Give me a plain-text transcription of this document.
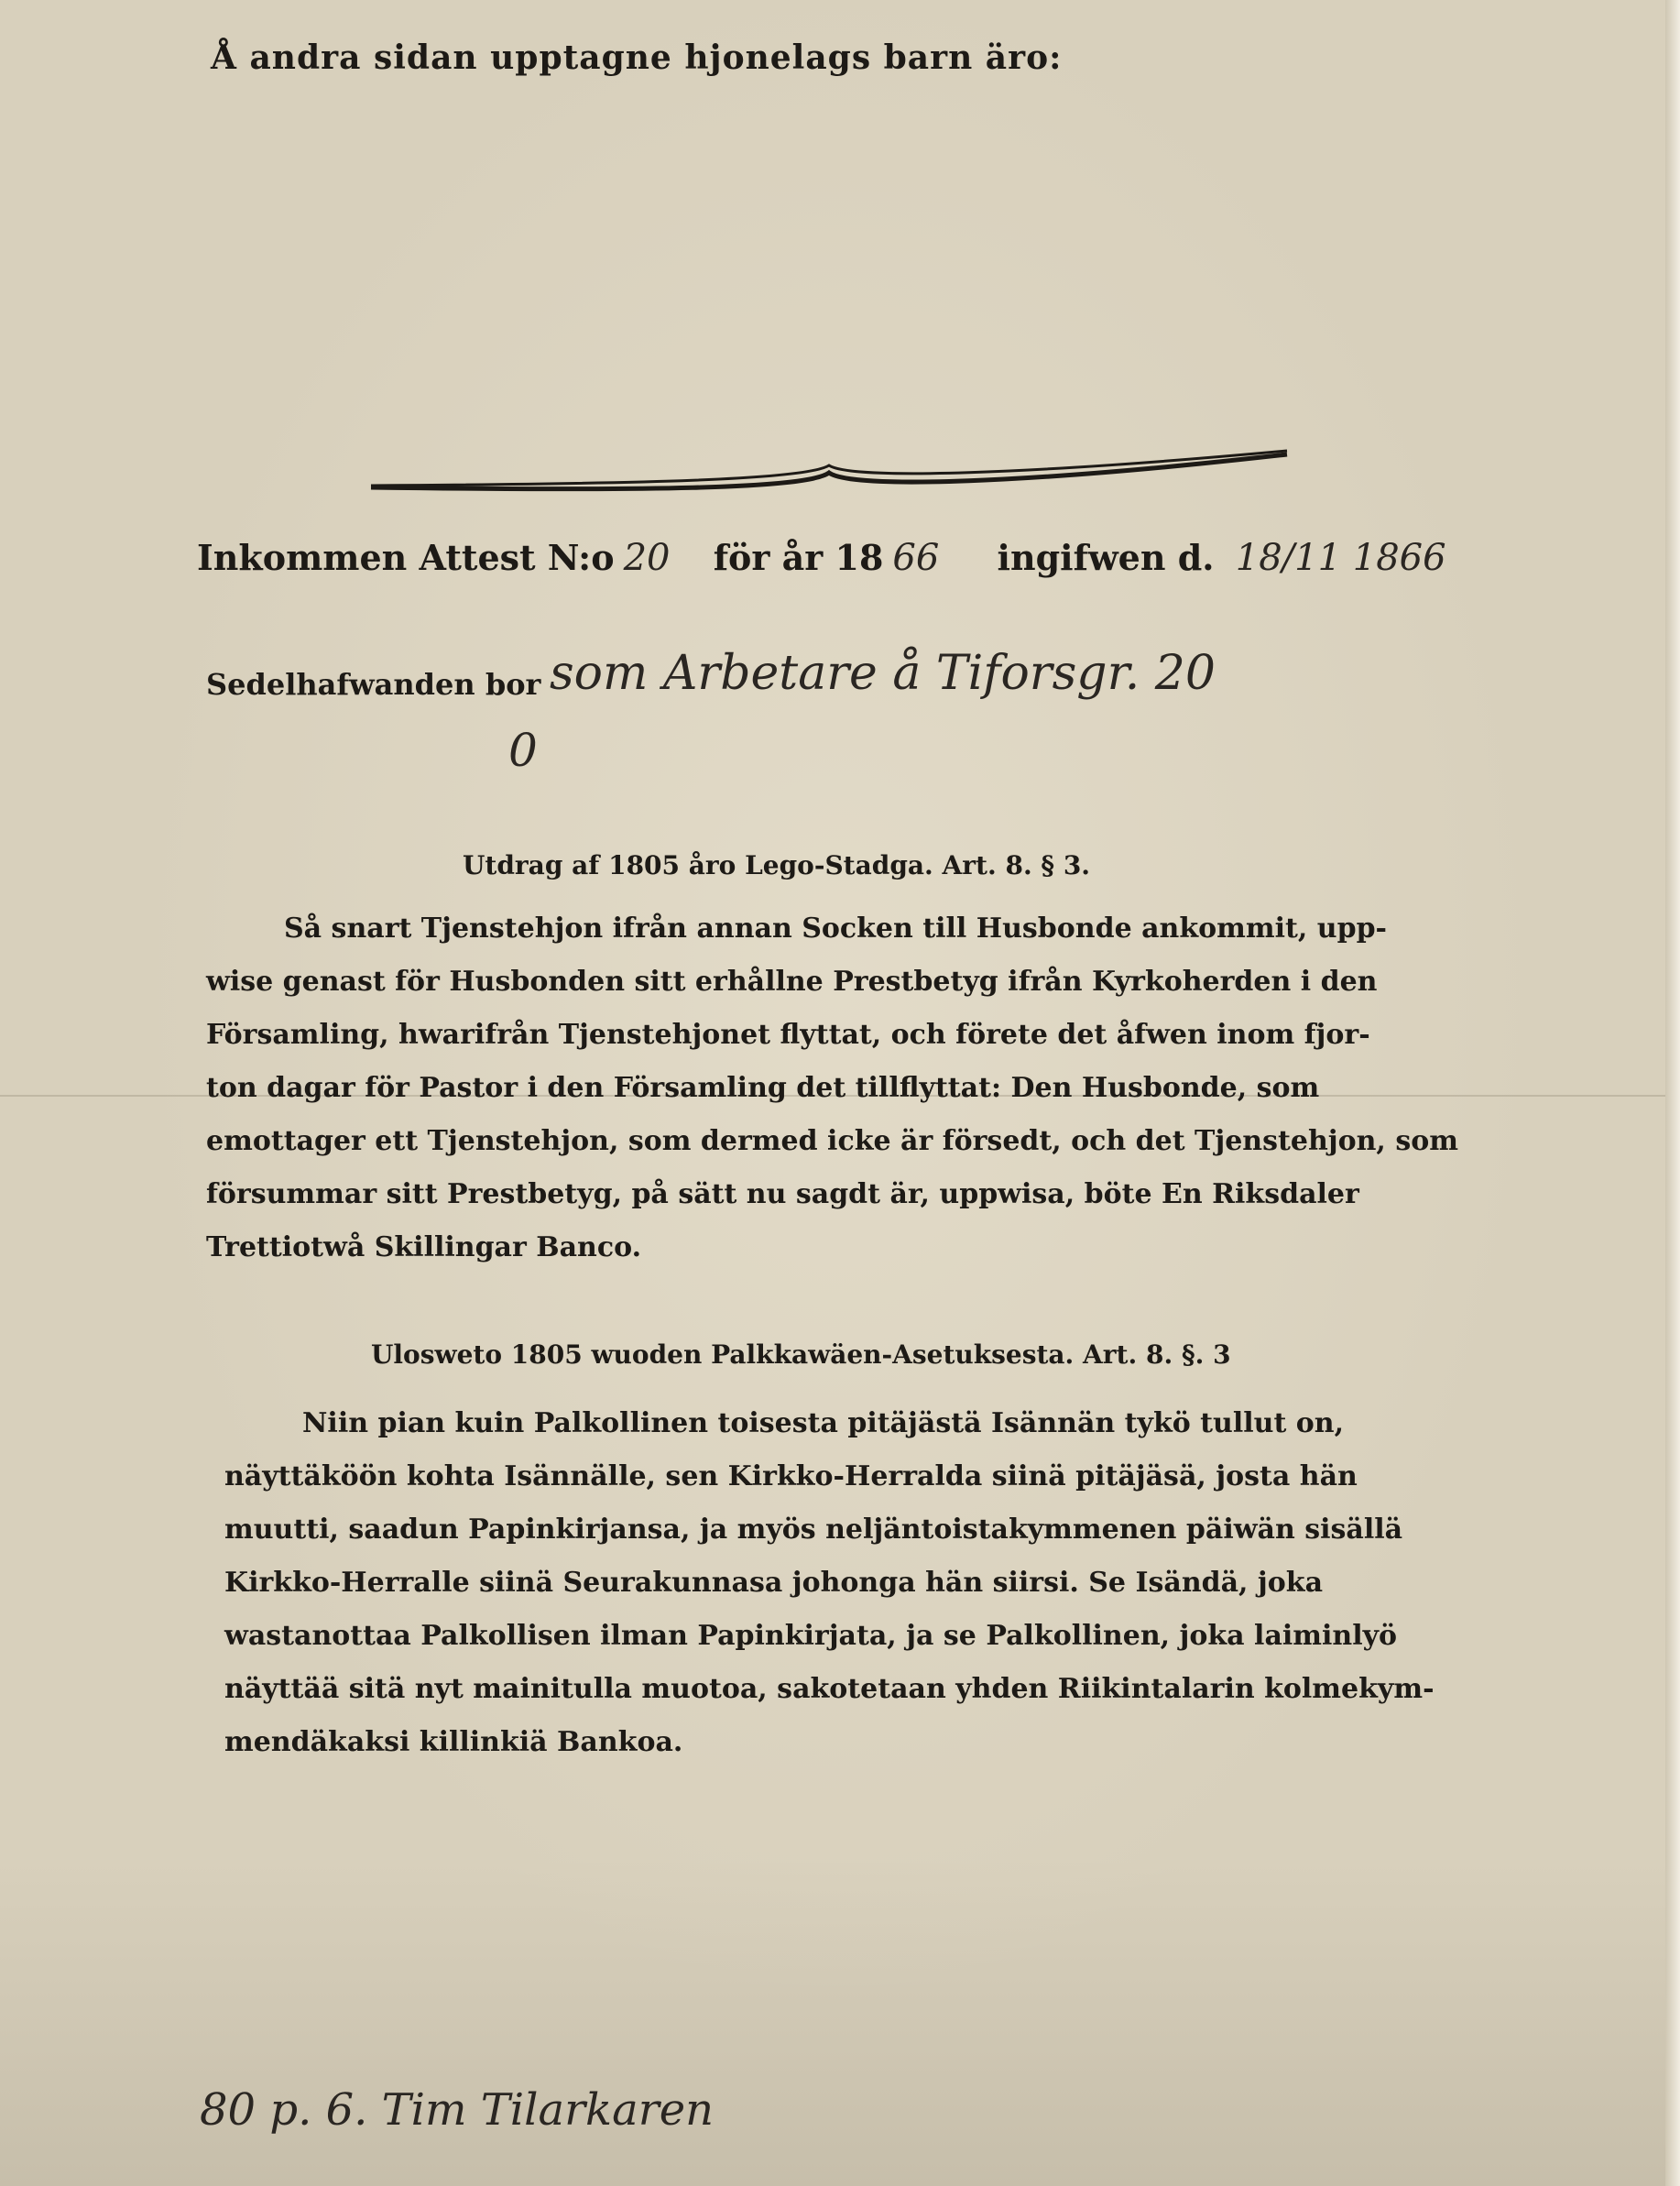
Å andra sidan upptagne hjonelags barn äro:
Inkommen Attest N:o 20 för år 18 66 ingifwen d. 18/11 1866
Sedelhafwanden bor som Arbetare å Tiforsgr. 20
0
Utdrag af 1805 åro Lego-Stadga. Art. 8. § 3.
Så snart Tjenstehjon ifrån annan Socken till Husbonde ankommit, upp-
wise genast för Husbonden sitt erhållne Prestbetyg ifrån Kyrkoherden i den
Församling, hwarifrån Tjenstehjonet flyttat, och förete det åfwen inom fjor-
ton dagar för Pastor i den Församling det tillflyttat: Den Husbonde, som
emottager ett Tjenstehjon, som dermed icke är försedt, och det Tjenstehjon, som
försummar sitt Prestbetyg, på sätt nu sagdt är, uppwisa, böte En Riksdaler
Trettiotwå Skillingar Banco.
Ulosweto 1805 wuoden Palkkawäen-Asetuksesta. Art. 8. §. 3
Niin pian kuin Palkollinen toisesta pitäjästä Isännän tykö tullut on,
näyttäköön kohta Isännälle, sen Kirkko-Herralda siinä pitäjäsä, josta hän
muutti, saadun Papinkirjansa, ja myös neljäntoistakymmenen päiwän sisällä
Kirkko-Herralle siinä Seurakunnasa johonga hän siirsi. Se Isändä, joka
wastanottaa Palkollisen ilman Papinkirjata, ja se Palkollinen, joka laiminlyö
näyttää sitä nyt mainitulla muotoa, sakotetaan yhden Riikintalarin kolmekym-
mendäkaksi killinkiä Bankoa.
80 p. 6. Tim Tilarkaren
